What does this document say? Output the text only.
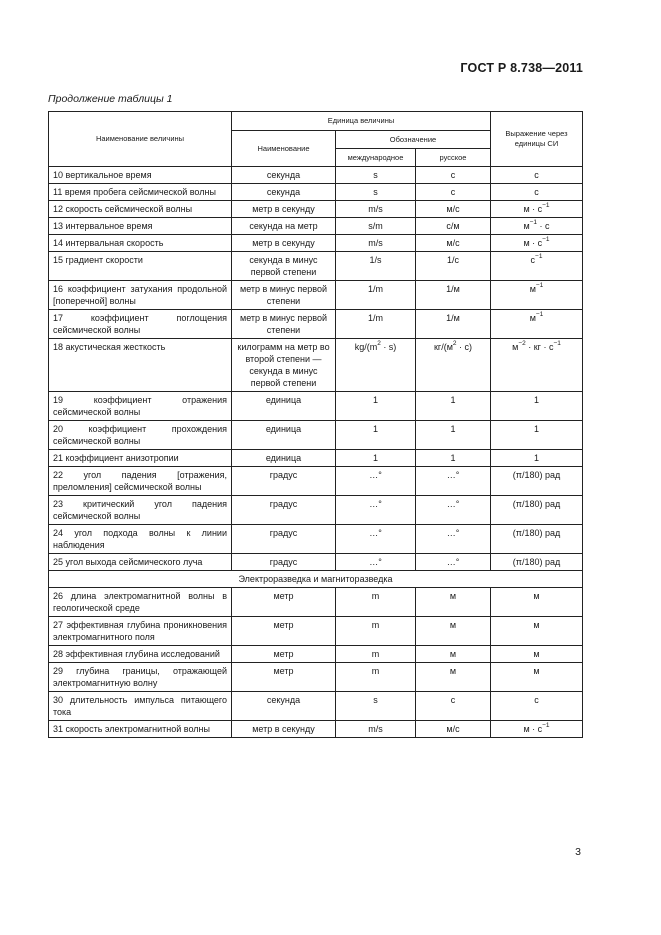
ГОСТ Р 8.738—2011
Продолжение таблицы 1
Наименование величины	Единица величины			Выражение через единицы СИ
	Наименование	Обозначение		
		международное	русское	
10 вертикальное время	секунда	s	с	с
11 время пробега сейсмической волны	секунда	s	с	с
12 скорость сейсмической волны	метр в секунду	m/s	м/с	$м \cdot с^{-1}$
13 интервальное время	секунда на метр	s/m	с/м	$м^{-1} \cdot с$
14 интервальная скорость	метр в секунду	m/s	м/с	$м \cdot с^{-1}$
15 градиент скорости	секунда в минус первой степени	1/s	1/с	$с^{-1}$
16 коэффициент затухания продольной [поперечной] волны	метр в минус первой степени	1/m	1/м	$м^{-1}$
17 коэффициент поглощения сейсмической волны	метр в минус первой степени	1/m	1/м	$м^{-1}$
18 акустическая жесткость	килограмм на метр во второй степени — секунда в минус первой степени	$kg/(m^2 \cdot s)$	$кг/(м^2 \cdot с)$	$м^{-2}$ · кг · $с^{-1}$
19 коэффициент отражения сейсмической волны	единица	1	1	1
20 коэффициент прохождения сейсмической волны	единица	1	1	1
21 коэффициент анизотропии	единица	1	1	1
22 угол падения [отражения, преломления] сейсмической волны	градус	…°	…°	(π/180) рад
23 критический угол падения сейсмической волны	градус	…°	…°	(π/180) рад
24 угол подхода волны к линии наблюдения	градус	…°	…°	(π/180) рад
25 угол выхода сейсмического луча	градус	…°	…°	(π/180) рад
Электроразведка и магниторазведка				
26 длина электромагнитной волны в геологической среде	метр	m	м	м
27 эффективная глубина проникновения электромагнитного поля	метр	m	м	м
28 эффективная глубина исследований	метр	m	м	м
29 глубина границы, отражающей электромагнитную волну	метр	m	м	м
30 длительность импульса питающего тока	секунда	s	с	с
31 скорость электромагнитной волны	метр в секунду	m/s	м/с	$м \cdot с^{-1}$
3
